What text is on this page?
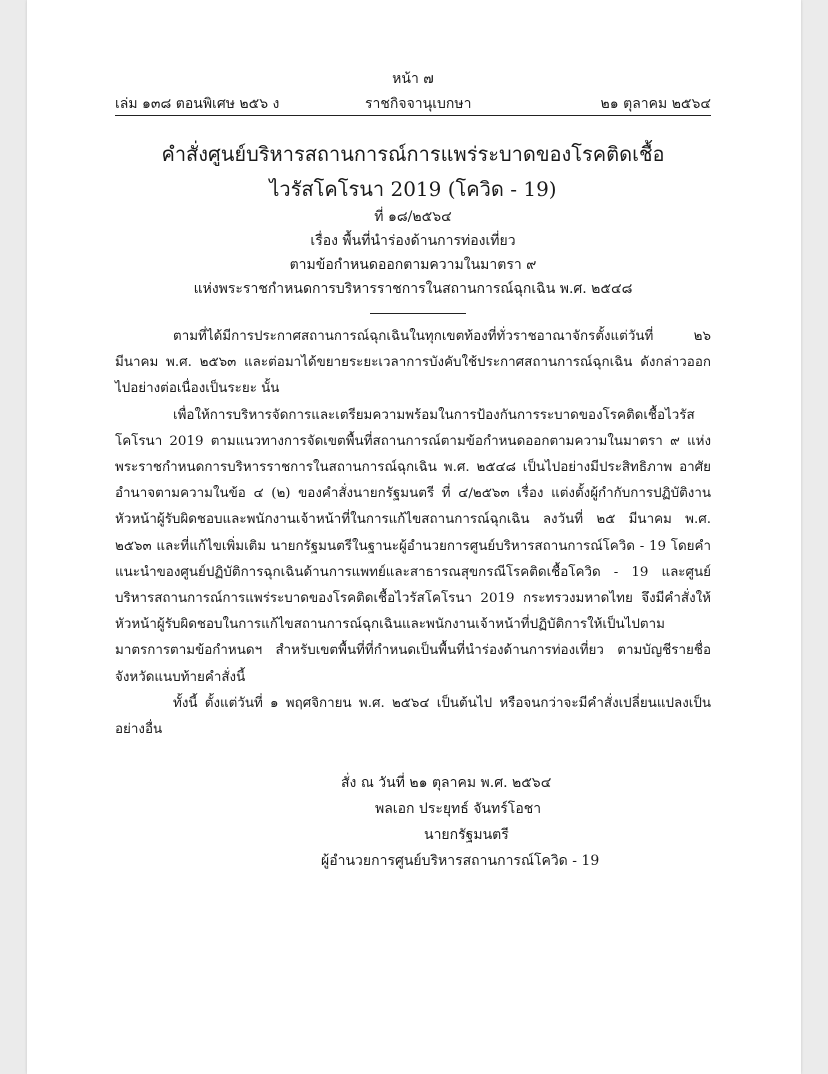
หน้า ๗
เล่ม ๑๓๘ ตอนพิเศษ ๒๕๖ ง	ราชกิจจานุเบกษา	๒๑ ตุลาคม ๒๕๖๔
คำสั่งศูนย์บริหารสถานการณ์การแพร่ระบาดของโรคติดเชื้อ
ไวรัสโคโรนา 2019 (โควิด - 19)
ที่ ๑๘/๒๕๖๔
เรื่อง พื้นที่นำร่องด้านการท่องเที่ยว
ตามข้อกำหนดออกตามความในมาตรา ๙
แห่งพระราชกำหนดการบริหารราชการในสถานการณ์ฉุกเฉิน พ.ศ. ๒๕๔๘

ตามที่ได้มีการประกาศสถานการณ์ฉุกเฉินในทุกเขตท้องที่ทั่วราชอาณาจักรตั้งแต่วันที่ ๒๖ มีนาคม พ.ศ. ๒๕๖๓ และต่อมาได้ขยายระยะเวลาการบังคับใช้ประกาศสถานการณ์ฉุกเฉิน ดังกล่าวออกไปอย่างต่อเนื่องเป็นระยะ นั้น

เพื่อให้การบริหารจัดการและเตรียมความพร้อมในการป้องกันการระบาดของโรคติดเชื้อไวรัสโคโรนา 2019 ตามแนวทางการจัดเขตพื้นที่สถานการณ์ตามข้อกำหนดออกตามความในมาตรา ๙ แห่งพระราชกำหนดการบริหารราชการในสถานการณ์ฉุกเฉิน พ.ศ. ๒๕๔๘ เป็นไปอย่างมีประสิทธิภาพ อาศัยอำนาจตามความในข้อ ๔ (๒) ของคำสั่งนายกรัฐมนตรี ที่ ๔/๒๕๖๓ เรื่อง แต่งตั้งผู้กำกับการปฏิบัติงาน หัวหน้าผู้รับผิดชอบและพนักงานเจ้าหน้าที่ในการแก้ไขสถานการณ์ฉุกเฉิน ลงวันที่ ๒๕ มีนาคม พ.ศ. ๒๕๖๓ และที่แก้ไขเพิ่มเติม นายกรัฐมนตรีในฐานะผู้อำนวยการศูนย์บริหารสถานการณ์โควิด - 19 โดยคำแนะนำของศูนย์ปฏิบัติการฉุกเฉินด้านการแพทย์และสาธารณสุขกรณีโรคติดเชื้อโควิด - 19 และศูนย์บริหารสถานการณ์การแพร่ระบาดของโรคติดเชื้อไวรัสโคโรนา 2019 กระทรวงมหาดไทย จึงมีคำสั่งให้หัวหน้าผู้รับผิดชอบในการแก้ไขสถานการณ์ฉุกเฉินและพนักงานเจ้าหน้าที่ปฏิบัติการให้เป็นไปตามมาตรการตามข้อกำหนดฯ สำหรับเขตพื้นที่ที่กำหนดเป็นพื้นที่นำร่องด้านการท่องเที่ยว ตามบัญชีรายชื่อจังหวัดแนบท้ายคำสั่งนี้

ทั้งนี้ ตั้งแต่วันที่ ๑ พฤศจิกายน พ.ศ. ๒๕๖๔ เป็นต้นไป หรือจนกว่าจะมีคำสั่งเปลี่ยนแปลงเป็นอย่างอื่น

สั่ง ณ วันที่ ๒๑ ตุลาคม พ.ศ. ๒๕๖๔
พลเอก ประยุทธ์ จันทร์โอชา
นายกรัฐมนตรี
ผู้อำนวยการศูนย์บริหารสถานการณ์โควิด - 19
